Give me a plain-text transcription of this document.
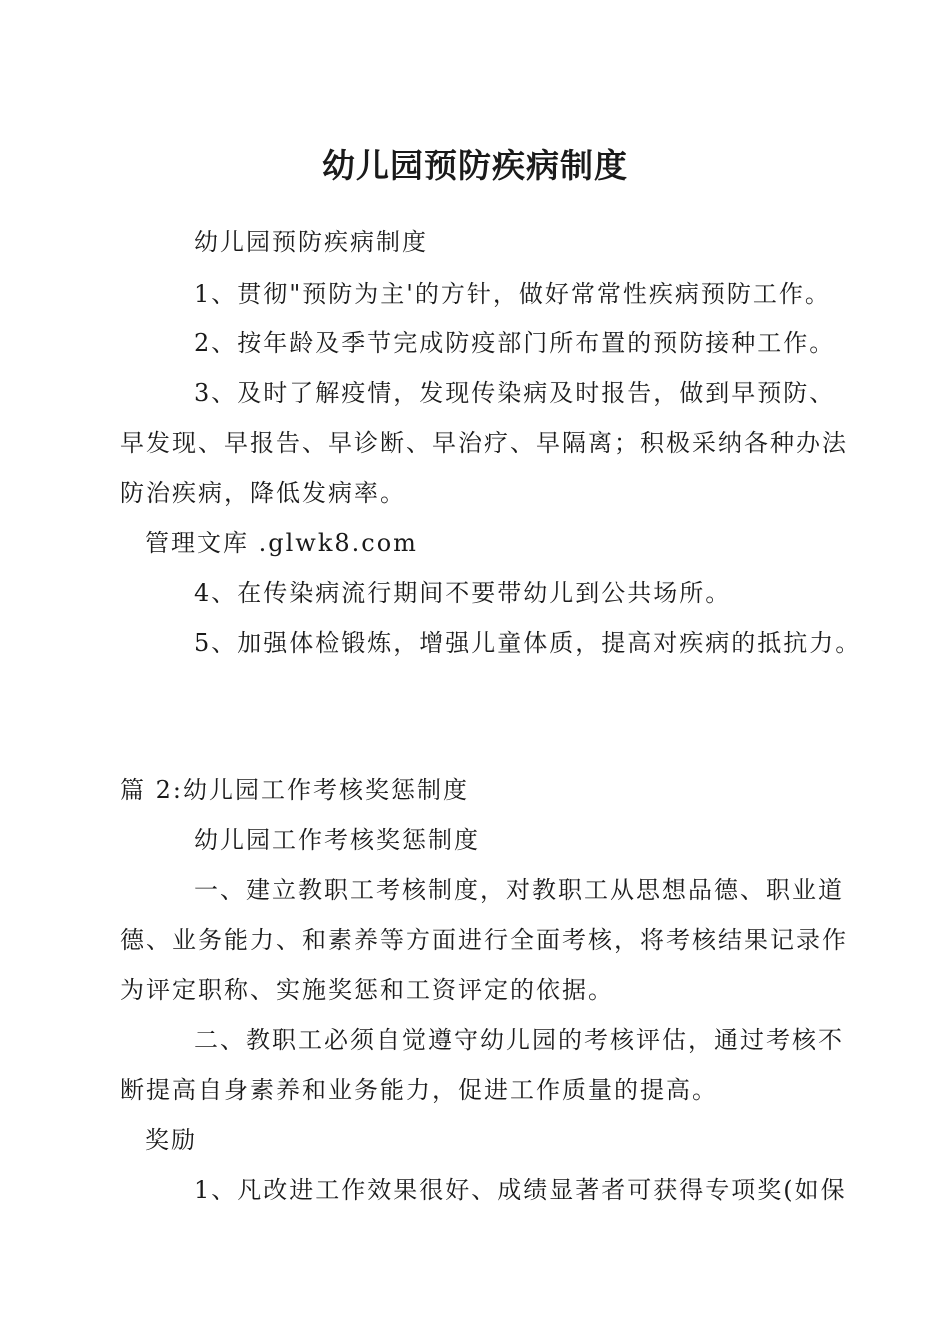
幼儿园预防疾病制度
幼儿园预防疾病制度
1、贯彻"预防为主'的方针，做好常常性疾病预防工作。
2、按年龄及季节完成防疫部门所布置的预防接种工作。
3、及时了解疫情，发现传染病及时报告，做到早预防、
早发现、早报告、早诊断、早治疗、早隔离；积极采纳各种办法
防治疾病，降低发病率。
管理文库 .glwk8.com
4、在传染病流行期间不要带幼儿到公共场所。
5、加强体检锻炼，增强儿童体质，提高对疾病的抵抗力。
篇 2:幼儿园工作考核奖惩制度
幼儿园工作考核奖惩制度
一、建立教职工考核制度，对教职工从思想品德、职业道
德、业务能力、和素养等方面进行全面考核，将考核结果记录作
为评定职称、实施奖惩和工资评定的依据。
二、教职工必须自觉遵守幼儿园的考核评估，通过考核不
断提高自身素养和业务能力，促进工作质量的提高。
奖励
1、凡改进工作效果很好、成绩显著者可获得专项奖(如保
